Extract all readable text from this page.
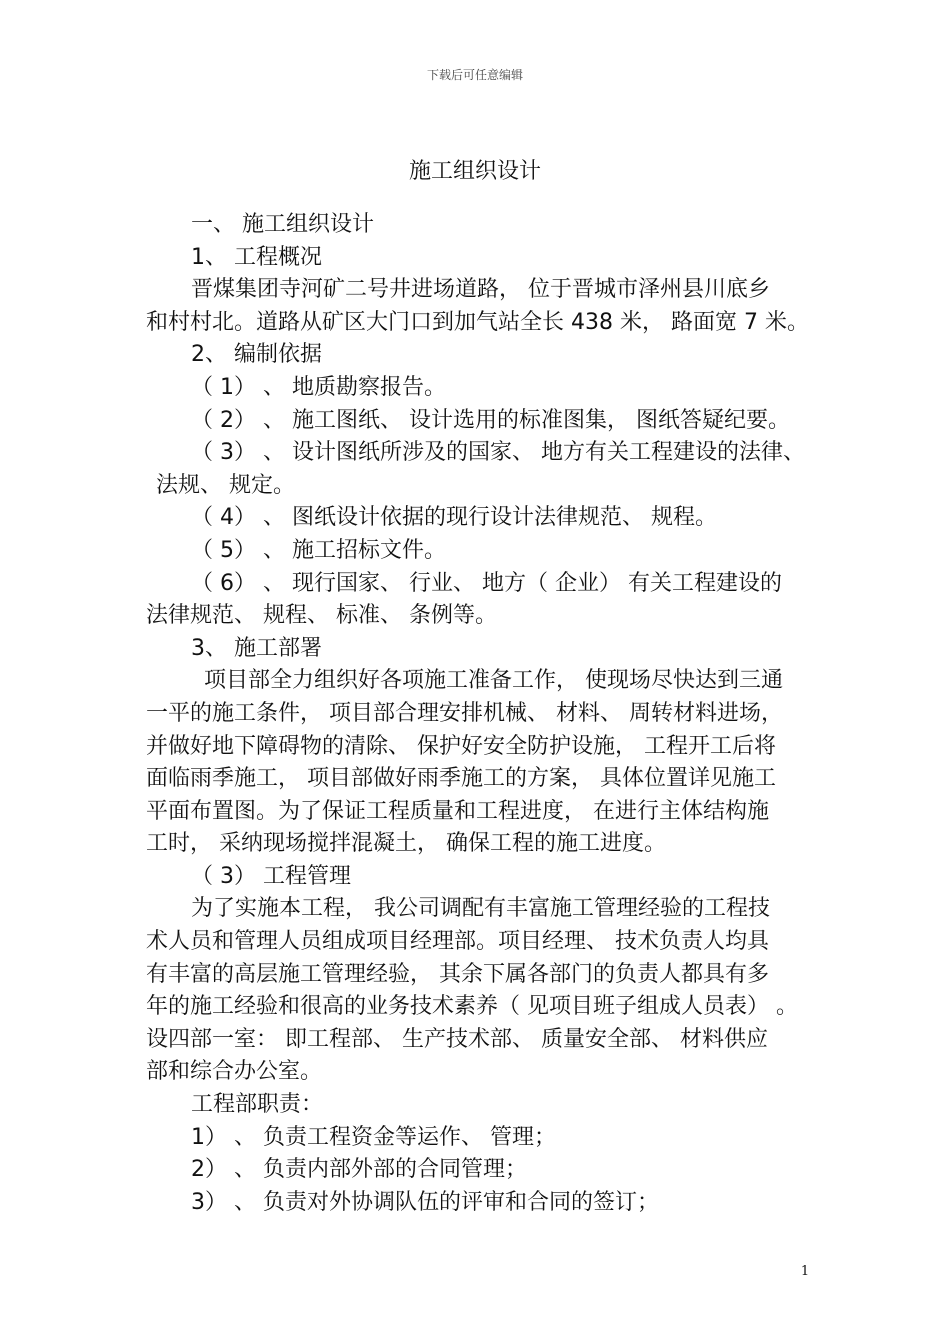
下载后可任意编辑
施工组织设计

一、 施工组织设计

1、 工程概况

晋煤集团寺河矿二号井进场道路， 位于晋城市泽州县川底乡

和村村北。道路从矿区大门口到加气站全长 438 米， 路面宽 7 米。

2、 编制依据

（ 1） 、 地质勘察报告。

（ 2） 、 施工图纸、 设计选用的标准图集， 图纸答疑纪要。

（ 3） 、 设计图纸所涉及的国家、 地方有关工程建设的法律、

法规、 规定。

（ 4） 、 图纸设计依据的现行设计法律规范、 规程。

（ 5） 、 施工招标文件。

（ 6） 、 现行国家、 行业、 地方（ 企业） 有关工程建设的

法律规范、 规程、 标准、 条例等。

3、 施工部署

项目部全力组织好各项施工准备工作， 使现场尽快达到三通

一平的施工条件， 项目部合理安排机械、 材料、 周转材料进场，

并做好地下障碍物的清除、 保护好安全防护设施， 工程开工后将

面临雨季施工， 项目部做好雨季施工的方案， 具体位置详见施工

平面布置图。为了保证工程质量和工程进度， 在进行主体结构施

工时， 采纳现场搅拌混凝土， 确保工程的施工进度。

（ 3） 工程管理

为了实施本工程， 我公司调配有丰富施工管理经验的工程技

术人员和管理人员组成项目经理部。项目经理、 技术负责人均具

有丰富的高层施工管理经验， 其余下属各部门的负责人都具有多

年的施工经验和很高的业务技术素养（ 见项目班子组成人员表） 。

设四部一室： 即工程部、 生产技术部、 质量安全部、 材料供应

部和综合办公室。

工程部职责：

1） 、 负责工程资金等运作、 管理；

2） 、 负责内部外部的合同管理；

3） 、 负责对外协调队伍的评审和合同的签订；

1
